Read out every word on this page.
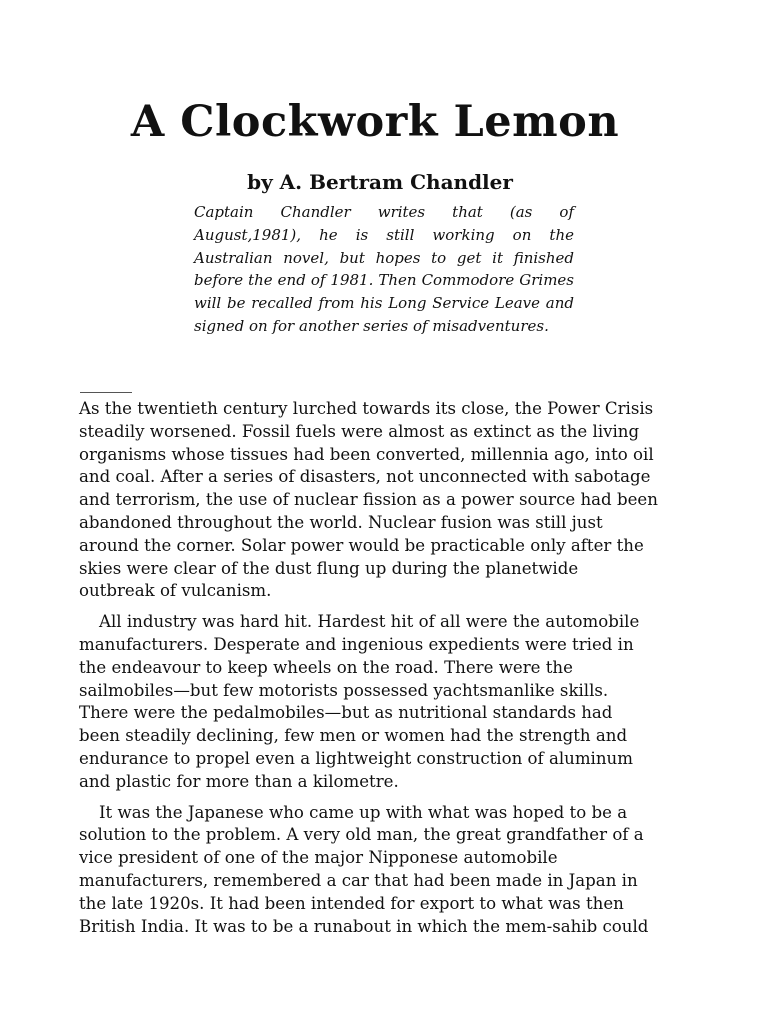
A Clockwork Lemon
by A. Bertram Chandler

Captain Chandler writes that (as of August,1981), he is still working on the Australian novel, but hopes to get it finished before the end of 1981. Then Commodore Grimes will be recalled from his Long Service Leave and signed on for another series of misadventures.

As the twentieth century lurched towards its close, the Power Crisis
steadily worsened. Fossil fuels were almost as extinct as the living
organisms whose tissues had been converted, millennia ago, into oil
and coal. After a series of disasters, not unconnected with sabotage
and terrorism, the use of nuclear fission as a power source had been
abandoned throughout the world. Nuclear fusion was still just
around the corner. Solar power would be practicable only after the
skies were clear of the dust flung up during the planetwide
outbreak of vulcanism.

All industry was hard hit. Hardest hit of all were the automobile
manufacturers. Desperate and ingenious expedients were tried in
the endeavour to keep wheels on the road. There were the
sailmobiles—but few motorists possessed yachtsmanlike skills.
There were the pedalmobiles—but as nutritional standards had
been steadily declining, few men or women had the strength and
endurance to propel even a lightweight construction of aluminum
and plastic for more than a kilometre.

It was the Japanese who came up with what was hoped to be a
solution to the problem. A very old man, the great grandfather of a
vice president of one of the major Nipponese automobile
manufacturers, remembered a car that had been made in Japan in
the late 1920s. It had been intended for export to what was then
British India. It was to be a runabout in which the mem-sahib could
